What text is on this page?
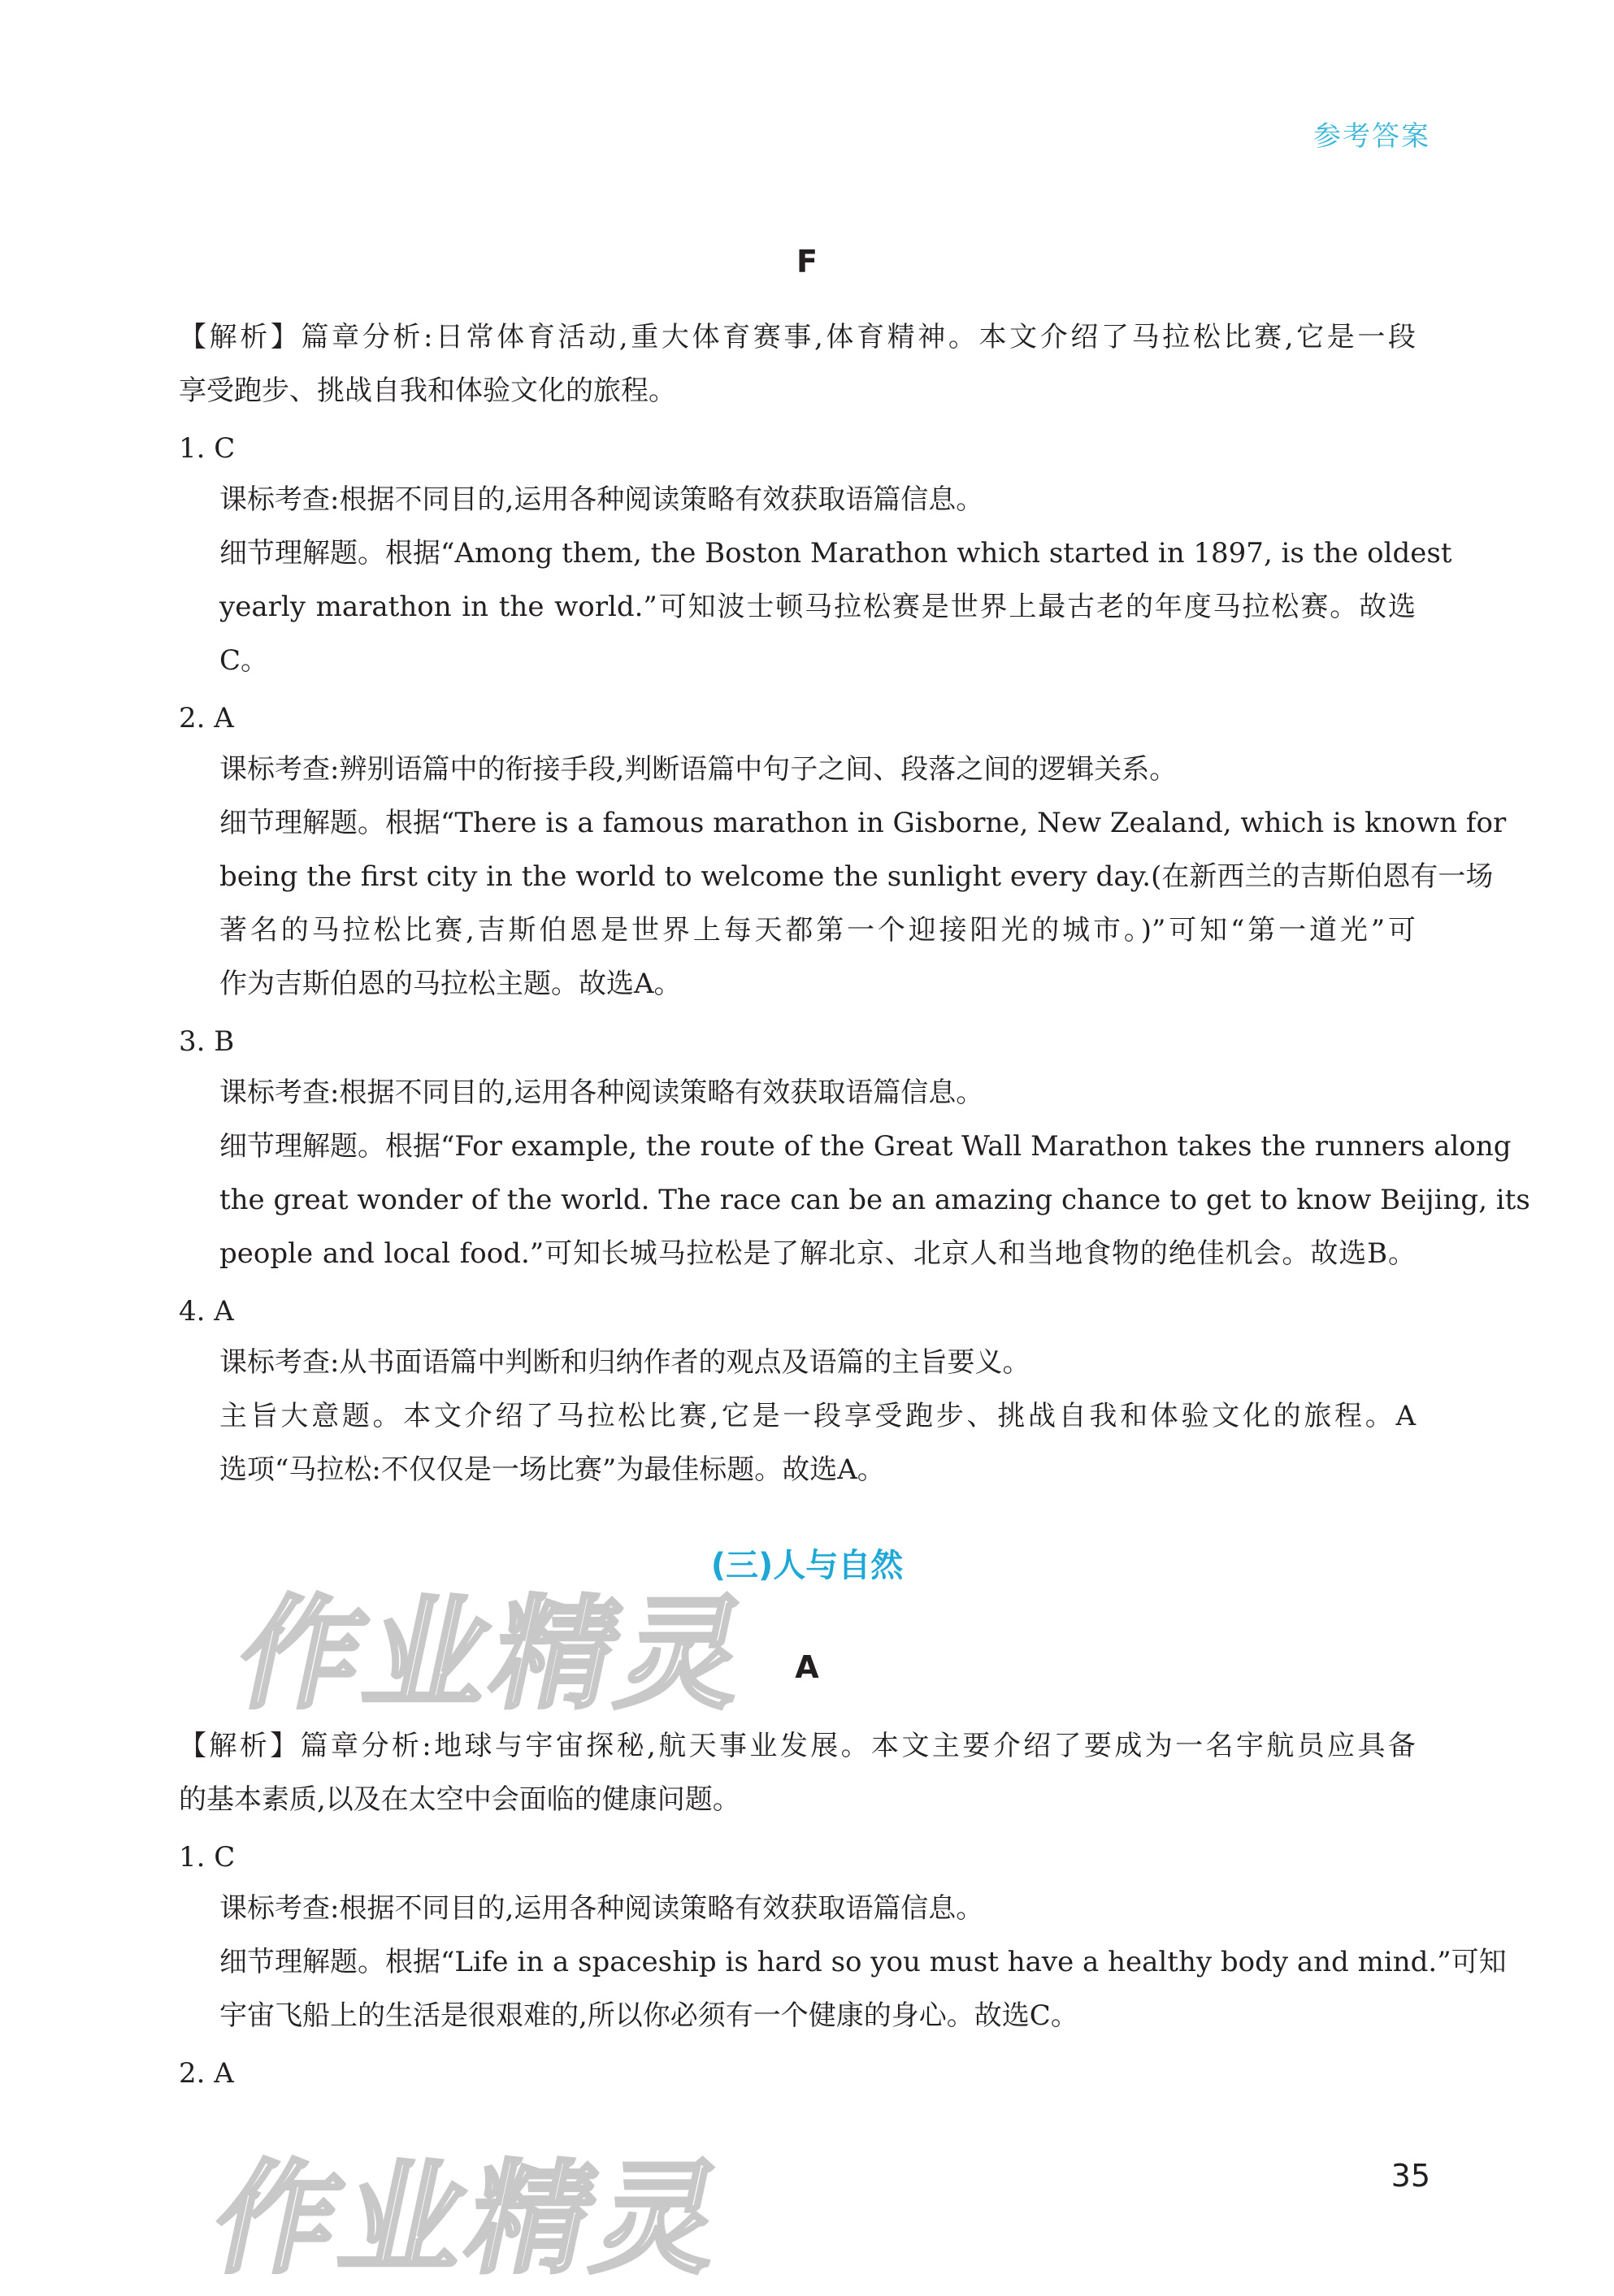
参考答案
F
【解析】篇章分析:日常体育活动,重大体育赛事,体育精神。本文介绍了马拉松比赛,它是一段
享受跑步、挑战自我和体验文化的旅程。
1. C
课标考查:根据不同目的,运用各种阅读策略有效获取语篇信息。
细节理解题。根据“Among them, the Boston Marathon which started in 1897, is the oldest
yearly marathon in the world.”可知波士顿马拉松赛是世界上最古老的年度马拉松赛。故选
C。
2. A
课标考查:辨别语篇中的衔接手段,判断语篇中句子之间、段落之间的逻辑关系。
细节理解题。根据“There is a famous marathon in Gisborne, New Zealand, which is known for
being the first city in the world to welcome the sunlight every day.(在新西兰的吉斯伯恩有一场
著名的马拉松比赛,吉斯伯恩是世界上每天都第一个迎接阳光的城市。)”可知“第一道光”可
作为吉斯伯恩的马拉松主题。故选A。
3. B
课标考查:根据不同目的,运用各种阅读策略有效获取语篇信息。
细节理解题。根据“For example, the route of the Great Wall Marathon takes the runners along
the great wonder of the world. The race can be an amazing chance to get to know Beijing, its
people and local food.”可知长城马拉松是了解北京、北京人和当地食物的绝佳机会。故选B。
4. A
课标考查:从书面语篇中判断和归纳作者的观点及语篇的主旨要义。
主旨大意题。本文介绍了马拉松比赛,它是一段享受跑步、挑战自我和体验文化的旅程。A
选项“马拉松:不仅仅是一场比赛”为最佳标题。故选A。
(三)人与自然
作业精灵	A
【解析】篇章分析:地球与宇宙探秘,航天事业发展。本文主要介绍了要成为一名宇航员应具备
的基本素质,以及在太空中会面临的健康问题。
1. C
课标考查:根据不同目的,运用各种阅读策略有效获取语篇信息。
细节理解题。根据“Life in a spaceship is hard so you must have a healthy body and mind.”可知
宇宙飞船上的生活是很艰难的,所以你必须有一个健康的身心。故选C。
2. A
作业精灵	35
